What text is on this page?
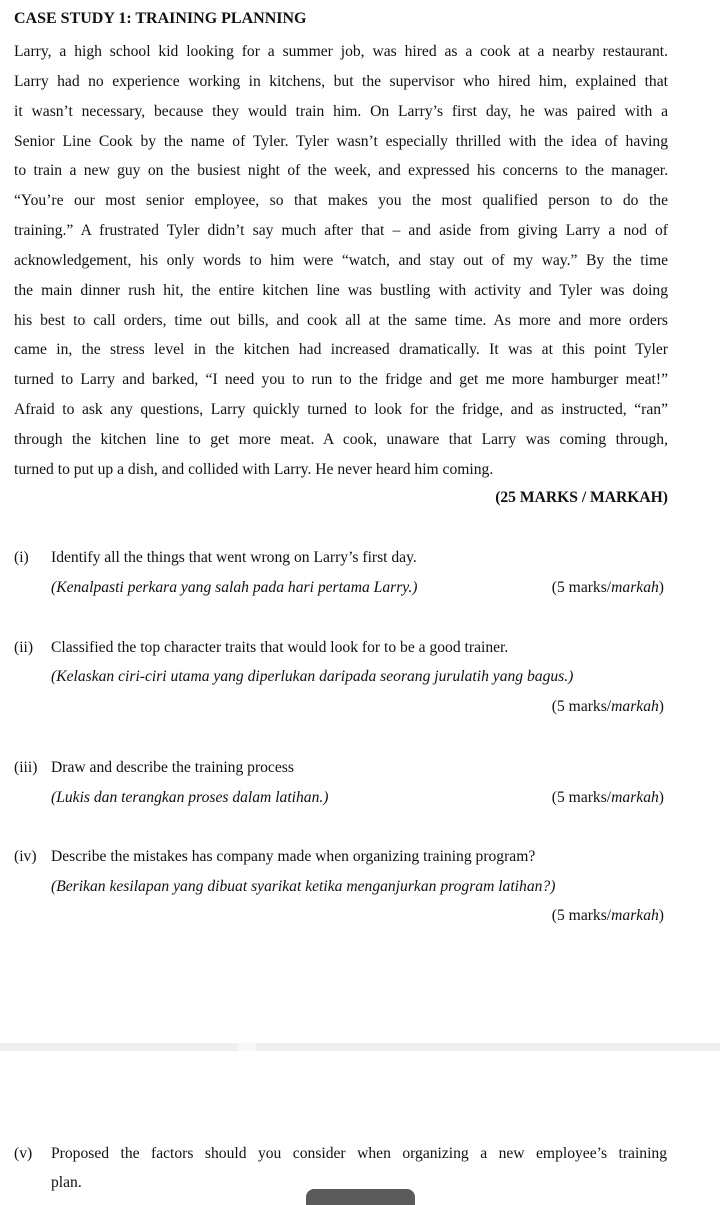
CASE STUDY 1: TRAINING PLANNING
Larry, a high school kid looking for a summer job, was hired as a cook at a nearby restaurant.
Larry had no experience working in kitchens, but the supervisor who hired him, explained that
it wasn’t necessary, because they would train him. On Larry’s first day, he was paired with a
Senior Line Cook by the name of Tyler. Tyler wasn’t especially thrilled with the idea of having
to train a new guy on the busiest night of the week, and expressed his concerns to the manager.
“You’re our most senior employee, so that makes you the most qualified person to do the
training.” A frustrated Tyler didn’t say much after that – and aside from giving Larry a nod of
acknowledgement, his only words to him were “watch, and stay out of my way.” By the time
the main dinner rush hit, the entire kitchen line was bustling with activity and Tyler was doing
his best to call orders, time out bills, and cook all at the same time. As more and more orders
came in, the stress level in the kitchen had increased dramatically. It was at this point Tyler
turned to Larry and barked, “I need you to run to the fridge and get me more hamburger meat!”
Afraid to ask any questions, Larry quickly turned to look for the fridge, and as instructed, “ran”
through the kitchen line to get more meat. A cook, unaware that Larry was coming through,
turned to put up a dish, and collided with Larry. He never heard him coming.
(25 MARKS / MARKAH)
(i) Identify all the things that went wrong on Larry’s first day.
(Kenalpasti perkara yang salah pada hari pertama Larry.)	(5 marks/markah)
(ii) Classified the top character traits that would look for to be a good trainer.
(Kelaskan ciri-ciri utama yang diperlukan daripada seorang jurulatih yang bagus.)
(5 marks/markah)
(iii) Draw and describe the training process
(Lukis dan terangkan proses dalam latihan.)	(5 marks/markah)
(iv) Describe the mistakes has company made when organizing training program?
(Berikan kesilapan yang dibuat syarikat ketika menganjurkan program latihan?)
(5 marks/markah)
(v) Proposed the factors should you consider when organizing a new employee’s training
plan.
